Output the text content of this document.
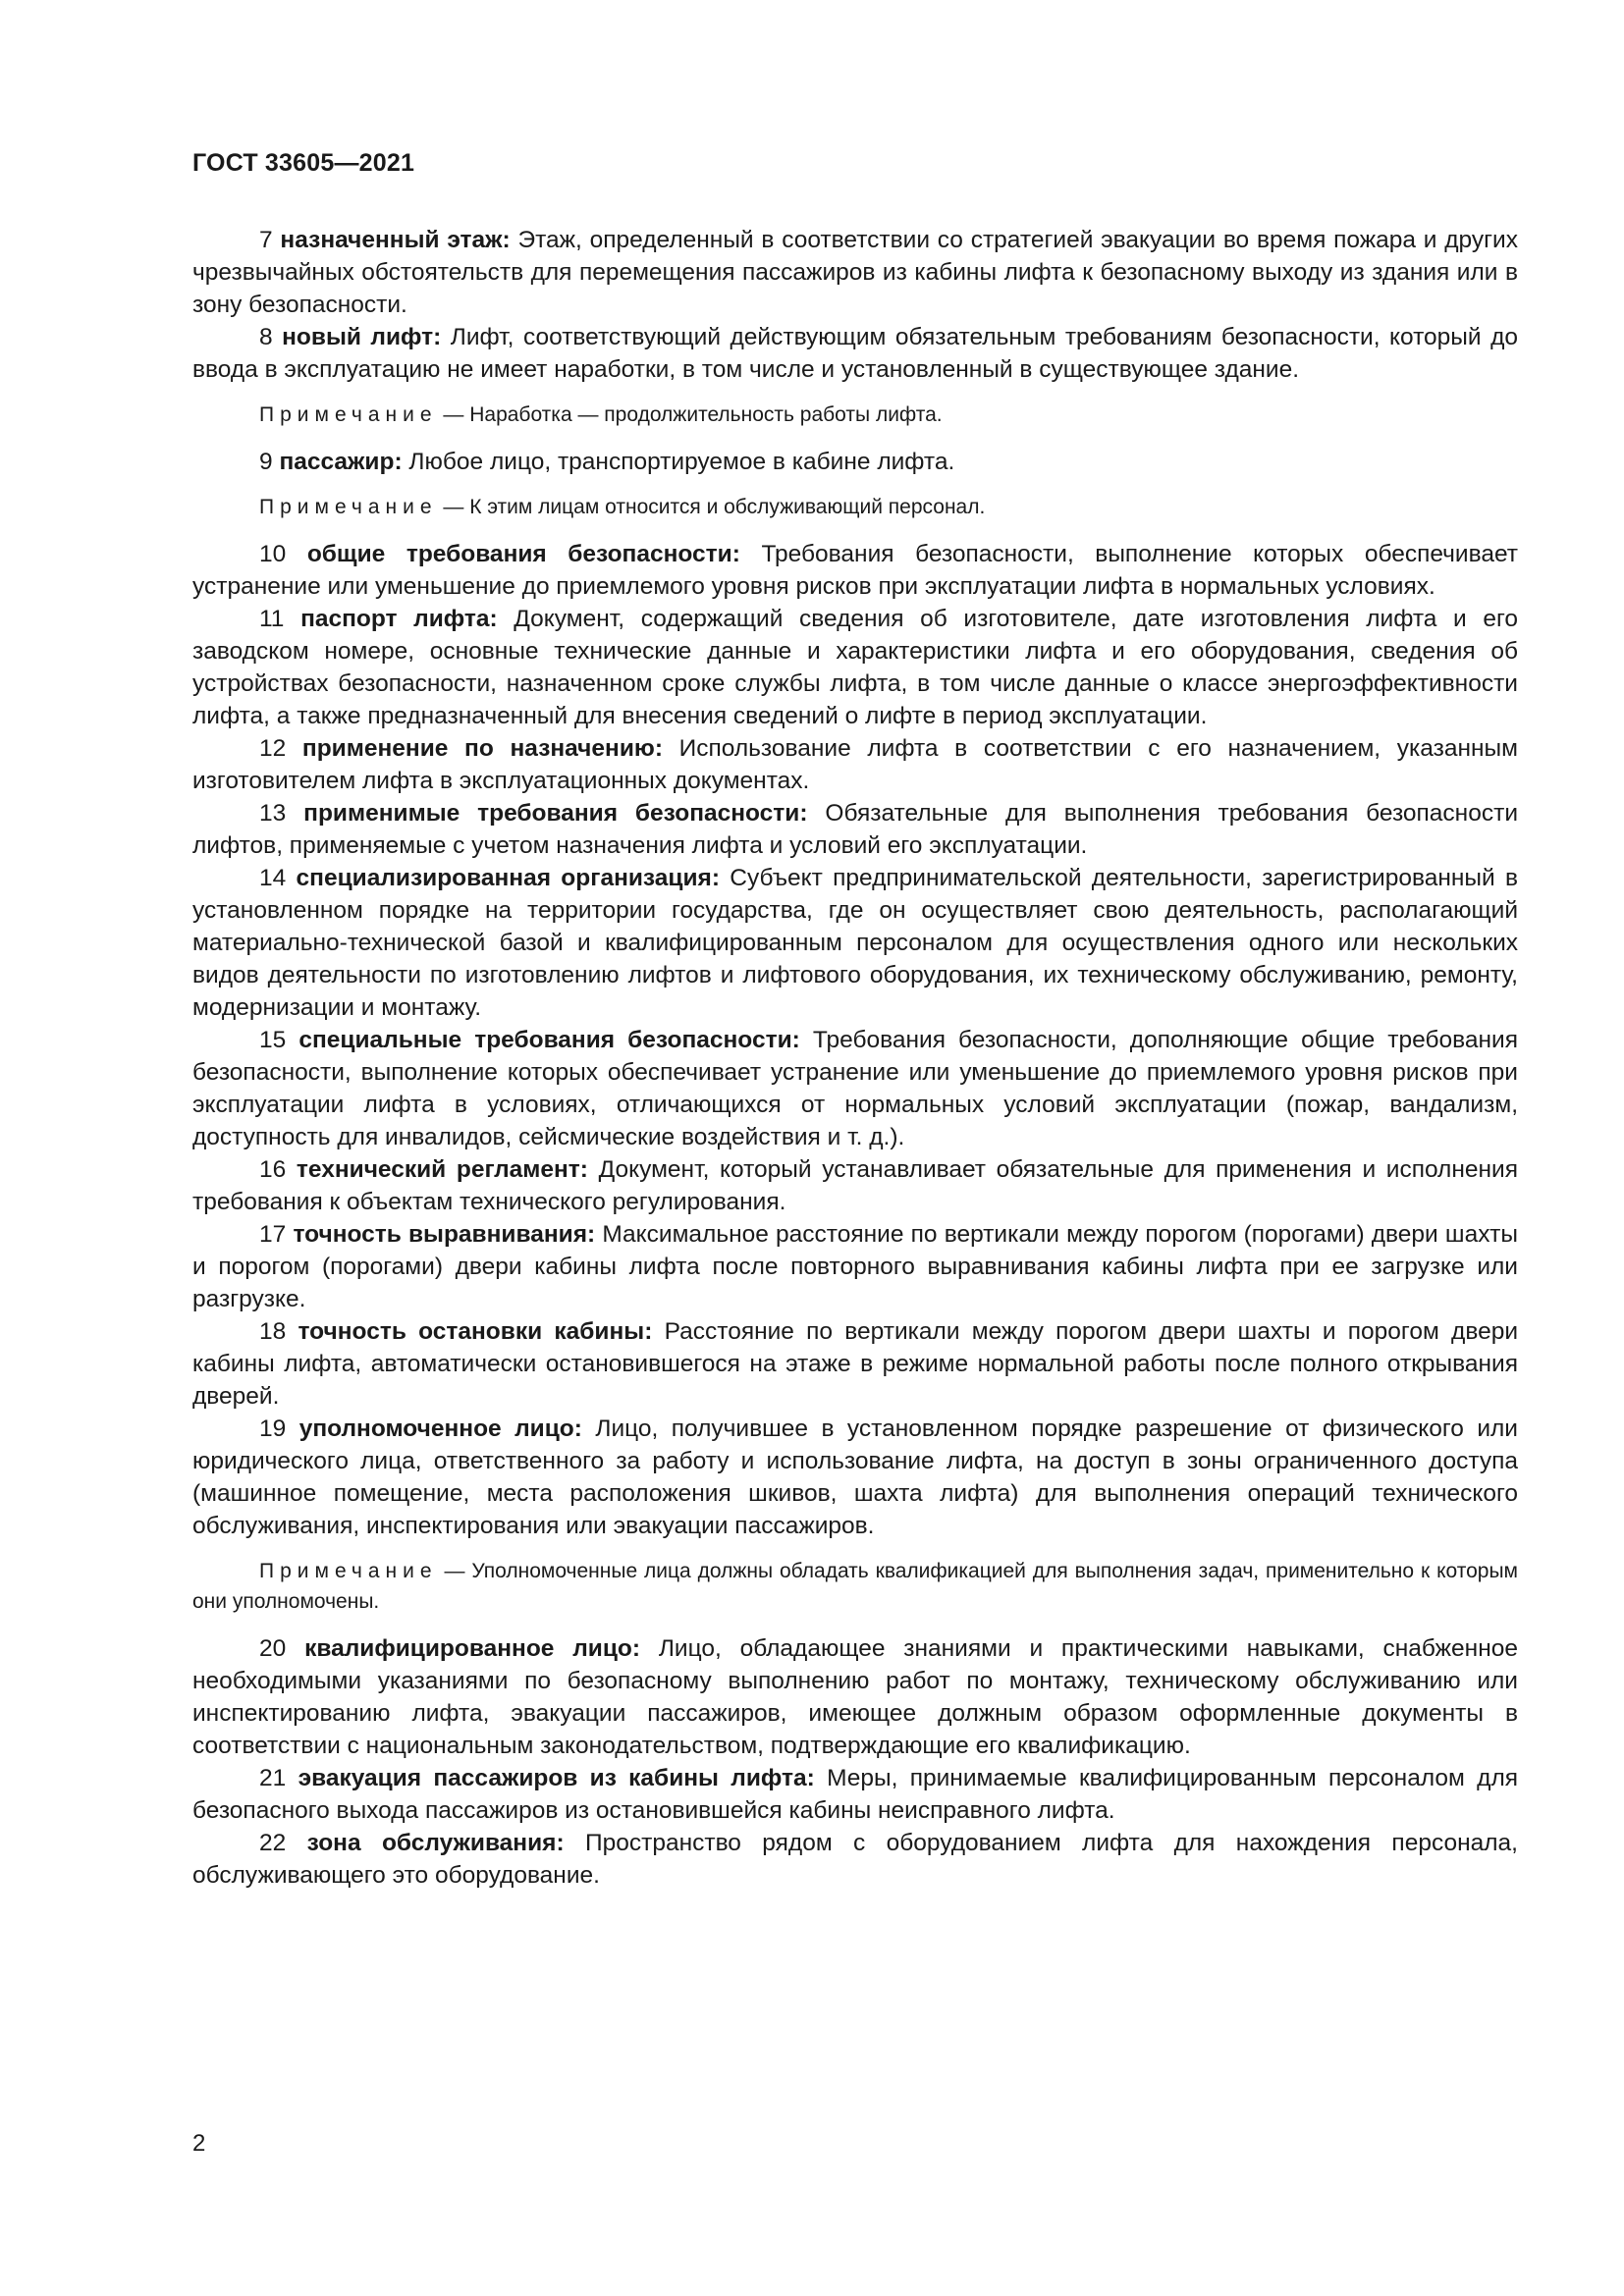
ГОСТ 33605—2021

7 назначенный этаж: Этаж, определенный в соответствии со стратегией эвакуации во время пожара и других чрезвычайных обстоятельств для перемещения пассажиров из кабины лифта к безопасному выходу из здания или в зону безопасности.

8 новый лифт: Лифт, соответствующий действующим обязательным требованиям безопасности, который до ввода в эксплуатацию не имеет наработки, в том числе и установленный в существующее здание.

Примечание — Наработка — продолжительность работы лифта.

9 пассажир: Любое лицо, транспортируемое в кабине лифта.

Примечание — К этим лицам относится и обслуживающий персонал.

10 общие требования безопасности: Требования безопасности, выполнение которых обеспечивает устранение или уменьшение до приемлемого уровня рисков при эксплуатации лифта в нормальных условиях.

11 паспорт лифта: Документ, содержащий сведения об изготовителе, дате изготовления лифта и его заводском номере, основные технические данные и характеристики лифта и его оборудования, сведения об устройствах безопасности, назначенном сроке службы лифта, в том числе данные о классе энергоэффективности лифта, а также предназначенный для внесения сведений о лифте в период эксплуатации.

12 применение по назначению: Использование лифта в соответствии с его назначением, указанным изготовителем лифта в эксплуатационных документах.

13 применимые требования безопасности: Обязательные для выполнения требования безопасности лифтов, применяемые с учетом назначения лифта и условий его эксплуатации.

14 специализированная организация: Субъект предпринимательской деятельности, зарегистрированный в установленном порядке на территории государства, где он осуществляет свою деятельность, располагающий материально-технической базой и квалифицированным персоналом для осуществления одного или нескольких видов деятельности по изготовлению лифтов и лифтового оборудования, их техническому обслуживанию, ремонту, модернизации и монтажу.

15 специальные требования безопасности: Требования безопасности, дополняющие общие требования безопасности, выполнение которых обеспечивает устранение или уменьшение до приемлемого уровня рисков при эксплуатации лифта в условиях, отличающихся от нормальных условий эксплуатации (пожар, вандализм, доступность для инвалидов, сейсмические воздействия и т. д.).

16 технический регламент: Документ, который устанавливает обязательные для применения и исполнения требования к объектам технического регулирования.

17 точность выравнивания: Максимальное расстояние по вертикали между порогом (порогами) двери шахты и порогом (порогами) двери кабины лифта после повторного выравнивания кабины лифта при ее загрузке или разгрузке.

18 точность остановки кабины: Расстояние по вертикали между порогом двери шахты и порогом двери кабины лифта, автоматически остановившегося на этаже в режиме нормальной работы после полного открывания дверей.

19 уполномоченное лицо: Лицо, получившее в установленном порядке разрешение от физического или юридического лица, ответственного за работу и использование лифта, на доступ в зоны ограниченного доступа (машинное помещение, места расположения шкивов, шахта лифта) для выполнения операций технического обслуживания, инспектирования или эвакуации пассажиров.

Примечание — Уполномоченные лица должны обладать квалификацией для выполнения задач, применительно к которым они уполномочены.

20 квалифицированное лицо: Лицо, обладающее знаниями и практическими навыками, снабженное необходимыми указаниями по безопасному выполнению работ по монтажу, техническому обслуживанию или инспектированию лифта, эвакуации пассажиров, имеющее должным образом оформленные документы в соответствии с национальным законодательством, подтверждающие его квалификацию.

21 эвакуация пассажиров из кабины лифта: Меры, принимаемые квалифицированным персоналом для безопасного выхода пассажиров из остановившейся кабины неисправного лифта.

22 зона обслуживания: Пространство рядом с оборудованием лифта для нахождения персонала, обслуживающего это оборудование.

2
